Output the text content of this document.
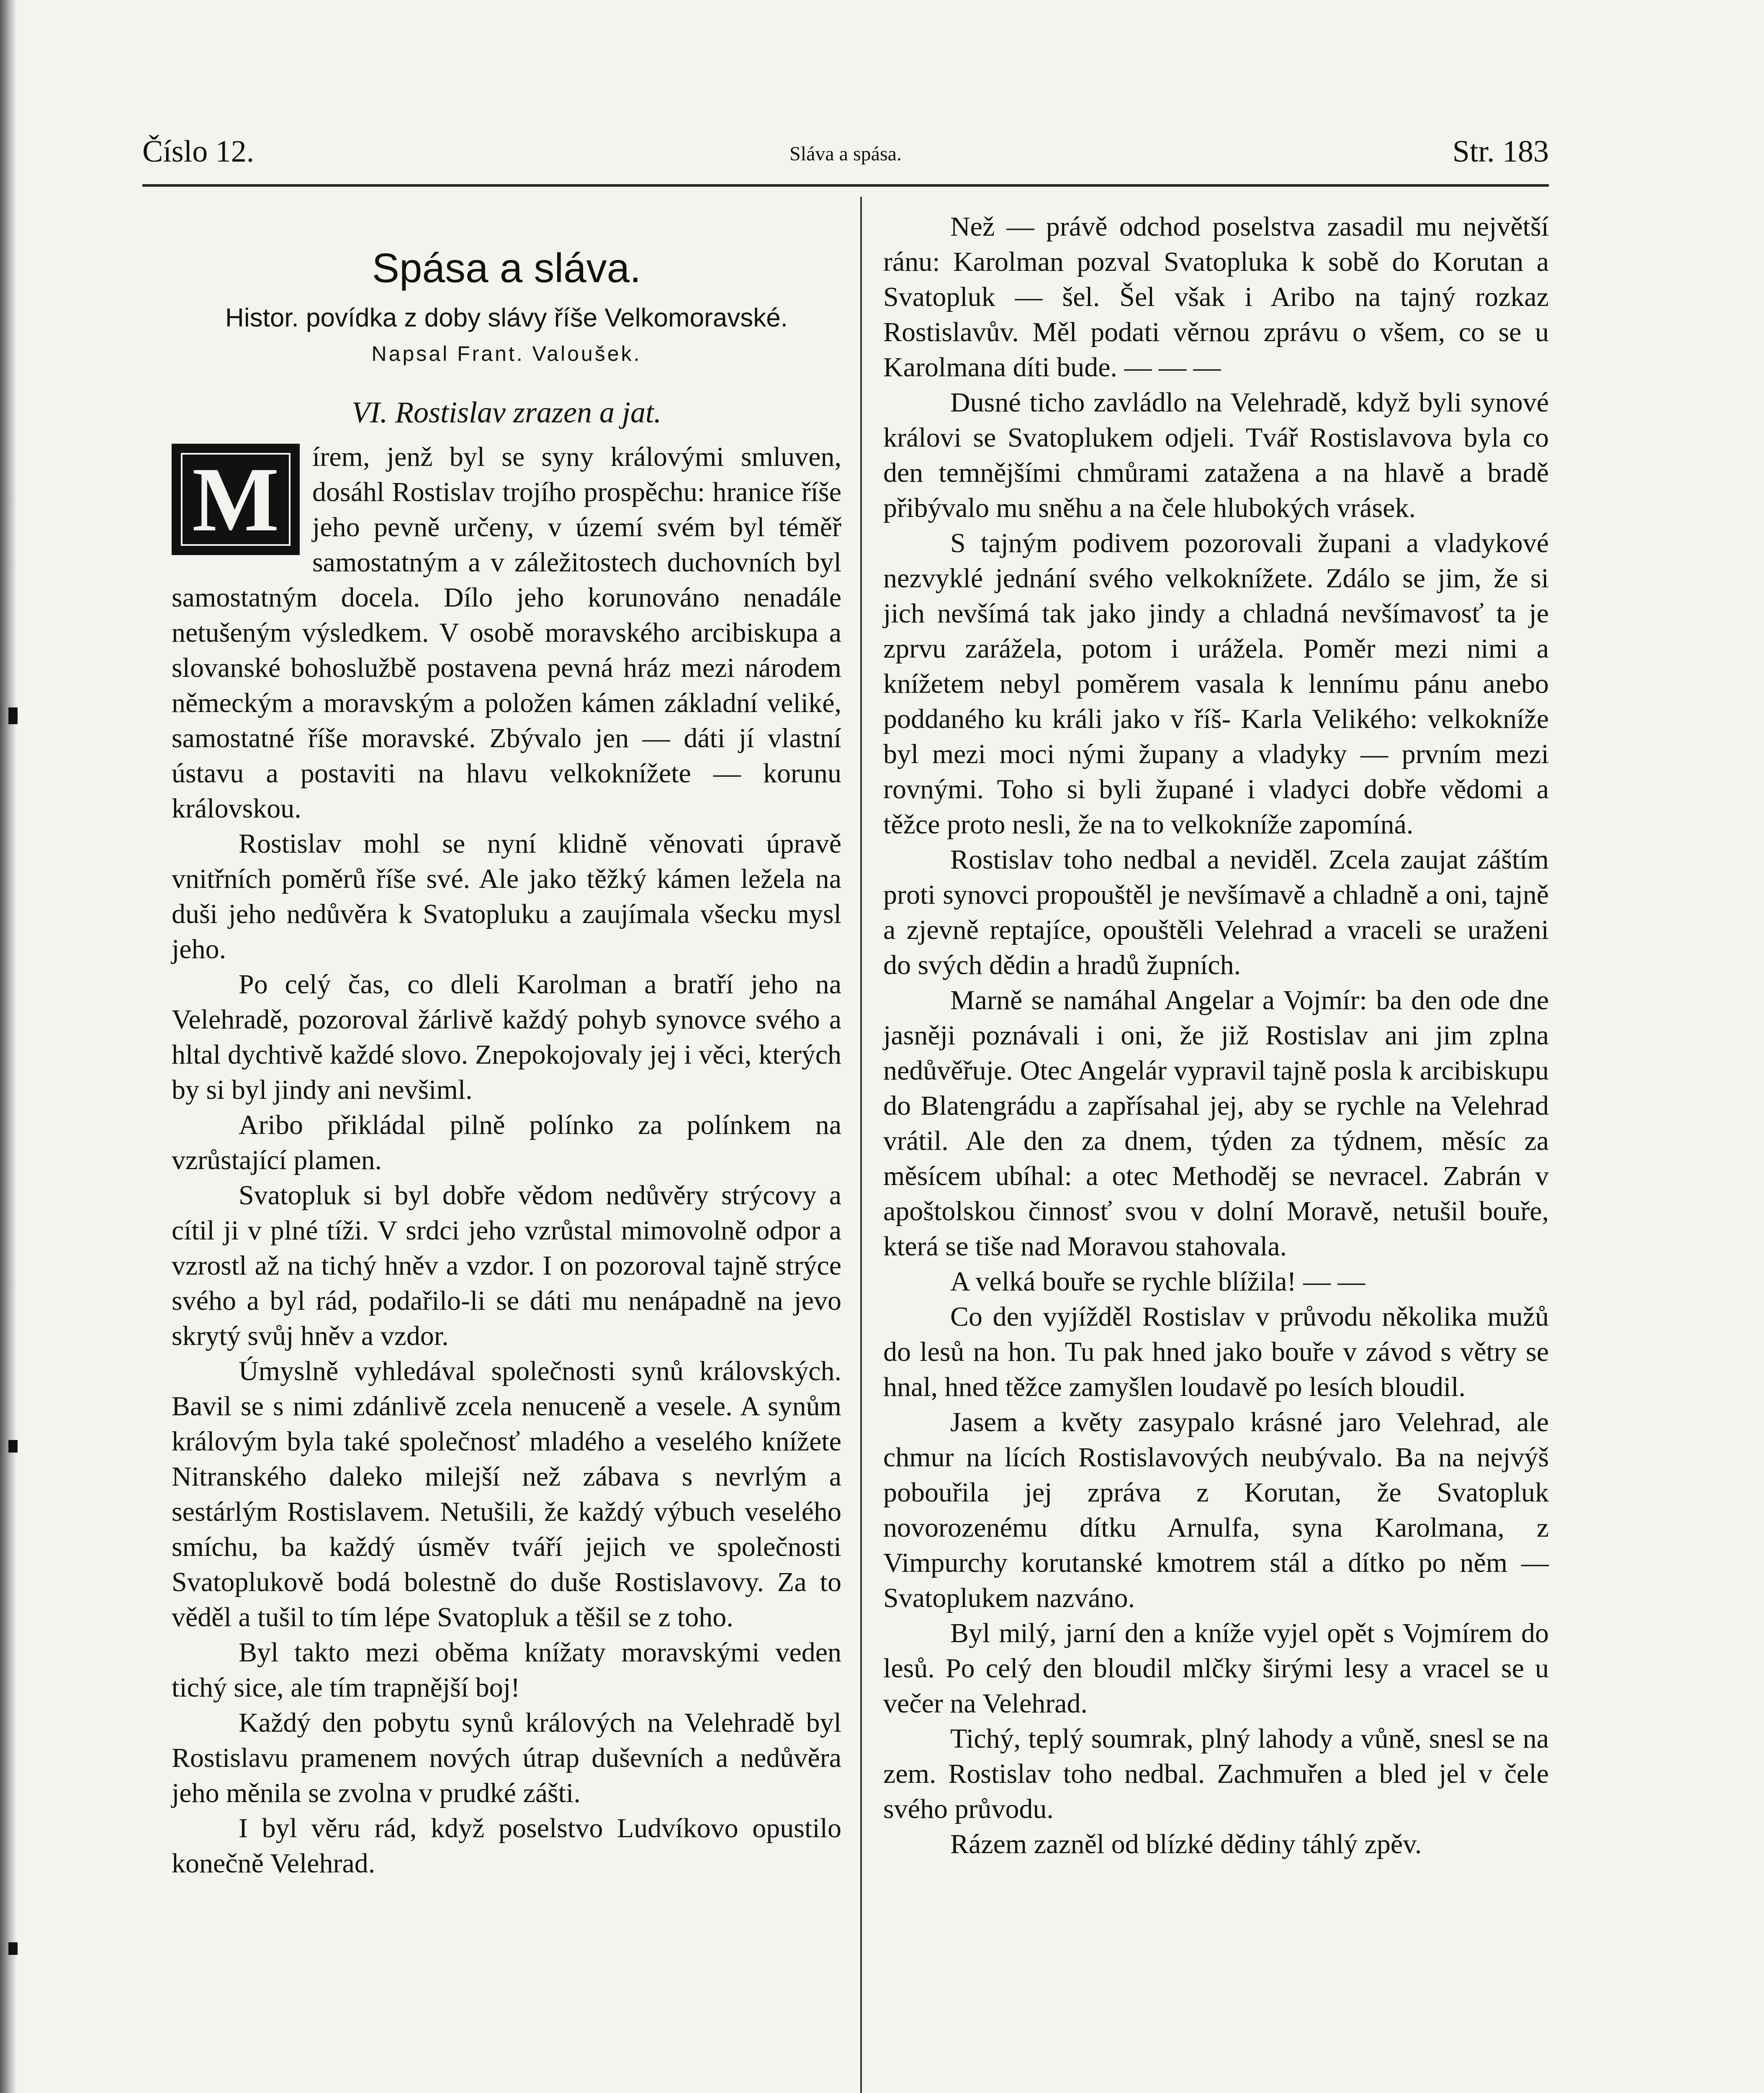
Číslo 12.	Sláva a spása.	Str. 183
Spása a sláva.
Histor. povídka z doby slávy říše Velkomoravské.
Napsal Frant. Valoušek.
VI. Rostislav zrazen a jat.
M	írem, jenž byl se syny královými smluven, dosáhl Rostislav trojího prospěchu: hranice říše jeho pevně určeny, v území svém byl téměř samostatným a v záležitostech duchovních byl samostatným docela. Dílo jeho korunováno nenadále netušeným výsledkem. V osobě moravského arcibiskupa a slovanské bohoslužbě postavena pevná hráz mezi národem německým a moravským a položen kámen základní veliké, samostatné říše moravské. Zbývalo jen — dáti jí vlastní ústavu a postaviti na hlavu velkoknížete — korunu královskou.

Rostislav mohl se nyní klidně věnovati úpravě vnitřních poměrů říše své. Ale jako těžký kámen ležela na duši jeho nedůvěra k Svatopluku a zaujímala všecku mysl jeho.

Po celý čas, co dleli Karolman a bratří jeho na Velehradě, pozoroval žárlivě každý pohyb synovce svého a hltal dychtivě každé slovo. Znepokojovaly jej i věci, kterých by si byl jindy ani nevšiml.

Aribo přikládal pilně polínko za polínkem na vzrůstající plamen.

Svatopluk si byl dobře vědom nedůvěry strýcovy a cítil ji v plné tíži. V srdci jeho vzrůstal mimovolně odpor a vzrostl až na tichý hněv a vzdor. I on pozoroval tajně strýce svého a byl rád, podařilo-li se dáti mu nenápadně na jevo skrytý svůj hněv a vzdor.

Úmyslně vyhledával společnosti synů královských. Bavil se s nimi zdánlivě zcela nenuceně a vesele. A synům královým byla také společnosť mladého a veselého knížete Nitranského daleko milejší než zábava s nevrlým a sestárlým Rostislavem. Netušili, že každý výbuch veselého smíchu, ba každý úsměv tváří jejich ve společnosti Svatoplukově bodá bolestně do duše Rostislavovy. Za to věděl a tušil to tím lépe Svatopluk a těšil se z toho.

Byl takto mezi oběma knížaty moravskými veden tichý sice, ale tím trapnější boj!

Každý den pobytu synů králových na Velehradě byl Rostislavu pramenem nových útrap duševních a nedůvěra jeho měnila se zvolna v prudké zášti.

I byl věru rád, když poselstvo Ludvíkovo opustilo konečně Velehrad.

Než — právě odchod poselstva zasadil mu největší ránu: Karolman pozval Svatopluka k sobě do Korutan a Svatopluk — šel. Šel však i Aribo na tajný rozkaz Rostislavův. Měl podati věrnou zprávu o všem, co se u Karolmana díti bude. — — —

Dusné ticho zavládlo na Velehradě, když byli synové královi se Svatoplukem odjeli. Tvář Rostislavova byla co den temnějšími chmůrami zatažena a na hlavě a bradě přibývalo mu sněhu a na čele hlubokých vrásek.

S tajným podivem pozorovali župani a vladykové nezvyklé jednání svého velkoknížete. Zdálo se jim, že si jich nevšímá tak jako jindy a chladná nevšímavosť ta je zprvu zarážela, potom i urážela. Poměr mezi nimi a knížetem nebyl poměrem vasala k lennímu pánu anebo poddaného ku králi jako v říš- Karla Velikého: velkokníže byl mezi moci nými župany a vladyky — prvním mezi rovnými. Toho si byli župané i vladyci dobře vědomi a těžce proto nesli, že na to velkokníže zapomíná.

Rostislav toho nedbal a neviděl. Zcela zaujat záštím proti synovci propouštěl je nevšímavě a chladně a oni, tajně a zjevně reptajíce, opouštěli Velehrad a vraceli se uraženi do svých dědin a hradů župních.

Marně se namáhal Angelar a Vojmír: ba den ode dne jasněji poznávali i oni, že již Rostislav ani jim zplna nedůvěřuje. Otec Angelár vypravil tajně posla k arcibiskupu do Blatengrádu a zapřísahal jej, aby se rychle na Velehrad vrátil. Ale den za dnem, týden za týdnem, měsíc za měsícem ubíhal: a otec Methoděj se nevracel. Zabrán v apoštolskou činnosť svou v dolní Moravě, netušil bouře, která se tiše nad Moravou stahovala.

A velká bouře se rychle blížila! — —

Co den vyjížděl Rostislav v průvodu několika mužů do lesů na hon. Tu pak hned jako bouře v závod s větry se hnal, hned těžce zamyšlen loudavě po lesích bloudil.

Jasem a květy zasypalo krásné jaro Velehrad, ale chmur na lících Rostislavových neubývalo. Ba na nejvýš pobouřila jej zpráva z Korutan, že Svatopluk novorozenému dítku Arnulfa, syna Karolmana, z Vimpurchy korutanské kmotrem stál a dítko po něm — Svatoplukem nazváno.

Byl milý, jarní den a kníže vyjel opět s Vojmírem do lesů. Po celý den bloudil mlčky širými lesy a vracel se u večer na Velehrad.

Tichý, teplý soumrak, plný lahody a vůně, snesl se na zem. Rostislav toho nedbal. Zachmuřen a bled jel v čele svého průvodu.

Rázem zazněl od blízké dědiny táhlý zpěv.
